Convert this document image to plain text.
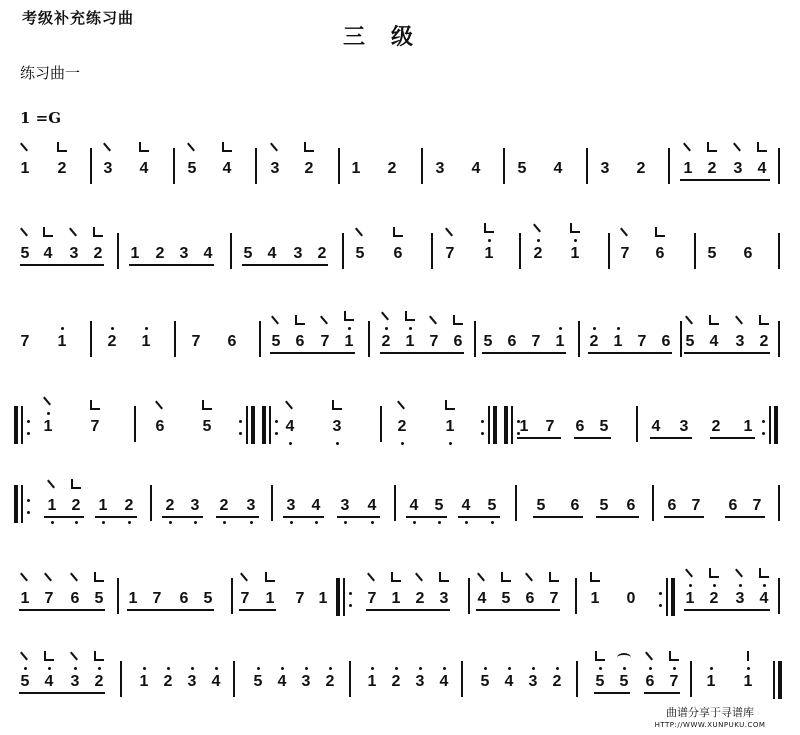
考级补充练习曲
三　级
练习曲一
1 =G
1 2 3 4 5 4 3 2 1 2 3 4 5 4 3 2 1 2 3 4
5 4 3 2 1 2 3 4 5 4 3 2 5 6	7 1	2 1	7 6	5 6
7 1	2 1	7 6 5 6 7 1 2 1 7 6 5 6 7 1 2 1 7 6 5 4 3 2
1 7	6 5	4 3	2 1	1 7 6 5	4 3 2 1
1 2 1 2 2 3 2 3 3 4 3 4 4 5 4 5	5 6 5 6 6 7 6 7
1 7 6 5 1 7 6 5 7 1 7 1	7 1 2 3 4 5 6 7 1 0	1 2 3 4
5 4 3 2 1 2 3 4 5 4 3 2 1 2 3 4 5 4 3 2 5 5 6 7 1 1
曲谱分享于寻谱库
HTTP://WWW.XUNPUKU.COM
